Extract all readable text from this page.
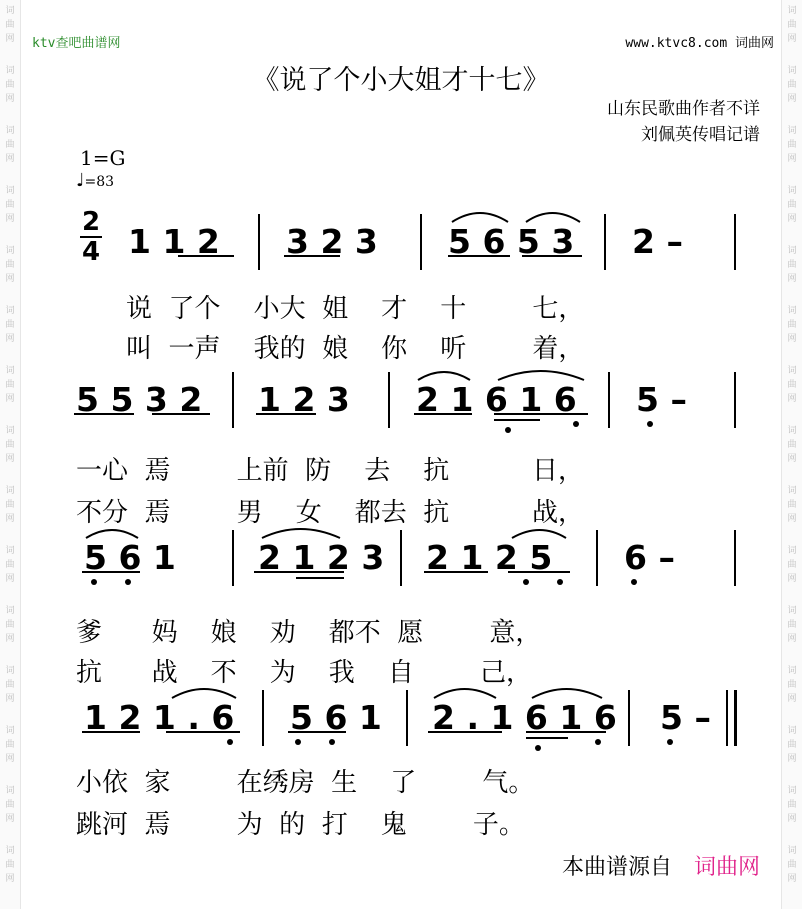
词
曲
网
词
曲
网
词
曲
网
词
曲
网
词
曲
网
词
曲
网
词
曲
网
词
曲
网
词
曲
网
词
曲
网
词
曲
网
词
曲
网
词
曲
网
词
曲
网
词
曲
网
词
曲
网
词
曲
网
词
曲
网
词
曲
网
词
曲
网
词
曲
网
词
曲
网
词
曲
网
词
曲
网
词
曲
网
词
曲
网
词
曲
网
词
曲
网
词
曲
网
词
曲
网
ktv查吧曲谱网	www.ktvc8.com 词曲网
《说了个小大姐才十七》
山东民歌曲作者不详
刘佩英传唱记谱
1=G
♩=83
2
4 1 1 2 3 2 3 5 6 5 3 2 –
5 5 3 2 1 2 3 2 1 6 1 6 5 –
5 6 1 2 1 2 3 2 1 2 5 6 –
1 2 1 . 6 5 6 1 2 . 1 6 1 6 5 –
说  了个    小大  姐    才    十        七，
叫  一声    我的  娘    你    听        着，
一心  焉        上前  防    去    抗          日，
不分  焉        男    女    都去  抗          战，
爹      妈    娘    劝    都不  愿        意，
抗      战    不    为    我    自        己，
小依  家        在绣房  生    了        气。
跳河  焉        为  的  打    鬼        子。
本曲谱源自 词曲网
